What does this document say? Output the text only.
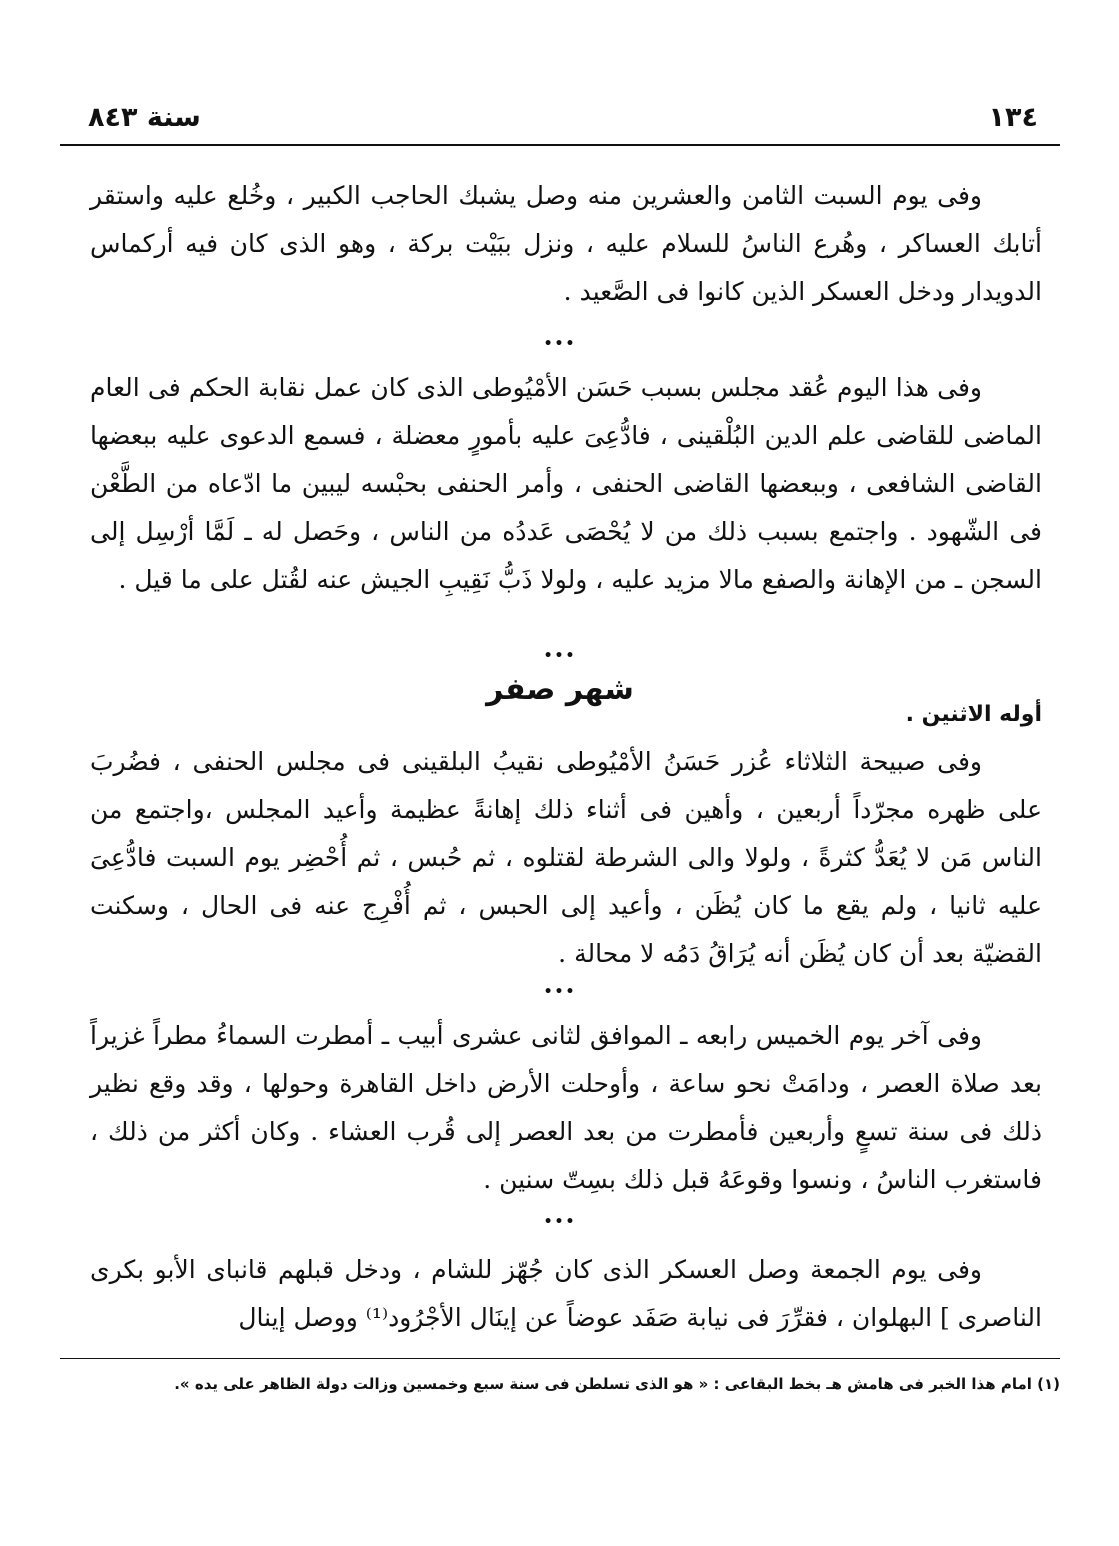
١٣٤
سنة ٨٤٣

وفى يوم السبت الثامن والعشرين منه وصل يشبك الحاجب الكبير ، وخُلع عليه واستقر أتابك العساكر ، وهُرع الناسُ للسلام عليه ، ونزل ببَيْت بركة ، وهو الذى كان فيه أركماس الدويدار ودخل العسكر الذين كانوا فى الصَّعيد .

•••

وفى هذا اليوم عُقد مجلس بسبب حَسَن الأمْيُوطى الذى كان عمل نقابة الحكم فى العام الماضى للقاضى علم الدين البُلْقينى ، فادُّعِىَ عليه بأمورٍ معضلة ، فسمع الدعوى عليه ببعضها القاضى الشافعى ، وببعضها القاضى الحنفى ، وأمر الحنفى بحبْسه ليبين ما ادّعاه من الطَّعْن فى الشّهود . واجتمع بسبب ذلك من لا يُحْصَى عَددُه من الناس ، وحَصل له ـ لَمَّا أرْسِل إلى السجن ـ من الإهانة والصفع مالا مزيد عليه ، ولولا ذَبُّ نَقِيبِ الجيش عنه لقُتل على ما قيل .

•••
شهر صفر
أوله الاثنين .

وفى صبيحة الثلاثاء عُزر حَسَنُ الأمْيُوطى نقيبُ البلقينى فى مجلس الحنفى ، فضُربَ على ظهره مجرّداً أربعين ، وأهين فى أثناء ذلك إهانةً عظيمة وأعيد المجلس ،واجتمع من الناس مَن لا يُعَدُّ كثرةً ، ولولا والى الشرطة لقتلوه ، ثم حُبس ، ثم أُحْضِر يوم السبت فادُّعِىَ عليه ثانيا ، ولم يقع ما كان يُظَن ، وأعيد إلى الحبس ، ثم أُفْرِج عنه فى الحال ، وسكنت القضيّة بعد أن كان يُظَن أنه يُرَاقُ دَمُه لا محالة .

•••

وفى آخر يوم الخميس رابعه ـ الموافق لثانى عشرى أبيب ـ أمطرت السماءُ مطراً غزيراً بعد صلاة العصر ، ودامَتْ نحو ساعة ، وأوحلت الأرض داخل القاهرة وحولها ، وقد وقع نظير ذلك فى سنة تسعٍ وأربعين فأمطرت من بعد العصر إلى قُرب العشاء . وكان أكثر من ذلك ، فاستغرب الناسُ ، ونسوا وقوعَهُ قبل ذلك بسِتّ سنين .

•••

وفى يوم الجمعة وصل العسكر الذى كان جُهّز للشام ، ودخل قبلهم قانباى الأبو بكرى الناصرى ] البهلوان ، فقرِّرَ فى نيابة صَفَد عوضاً عن إينَال الأجْرُود⁽¹⁾ ووصل إينال

(١) امام هذا الخبر فى هامش هـ بخط البقاعى : « هو الذى تسلطن فى سنة سبع وخمسين وزالت دولة الظاهر على يده ».
